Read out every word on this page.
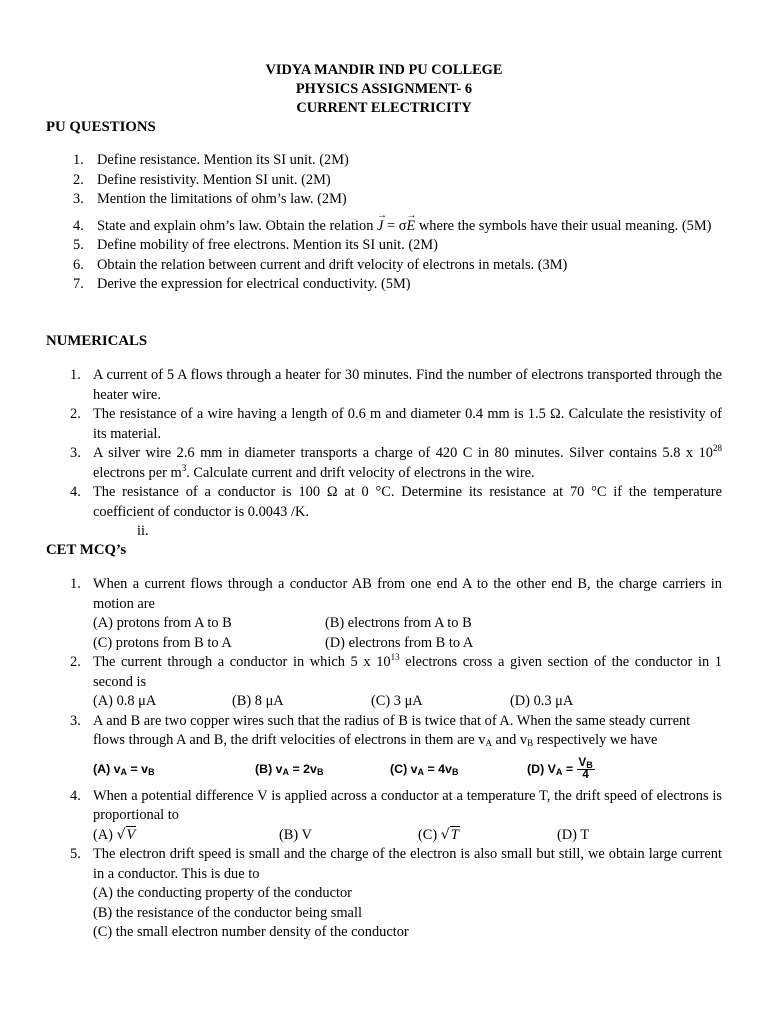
VIDYA MANDIR IND PU COLLEGE
PHYSICS ASSIGNMENT- 6
CURRENT ELECTRICITY
PU QUESTIONS
1. Define resistance. Mention its SI unit. (2M)
2. Define resistivity. Mention SI unit. (2M)
3. Mention the limitations of ohm’s law. (2M)
4. State and explain ohm’s law. Obtain the relation → J = σ→ E where the symbols have their usual meaning. (5M)
5. Define mobility of free electrons. Mention its SI unit. (2M)
6. Obtain the relation between current and drift velocity of electrons in metals. (3M)
7. Derive the expression for electrical conductivity. (5M)
NUMERICALS
1. A current of 5 A flows through a heater for 30 minutes. Find the number of electrons transported through the heater wire.
2. The resistance of a wire having a length of 0.6 m and diameter 0.4 mm is 1.5 Ω. Calculate the resistivity of its material.
3. A silver wire 2.6 mm in diameter transports a charge of 420 C in 80 minutes. Silver contains 5.8 x $10^{28}$ electrons per $m^3$. Calculate current and drift velocity of electrons in the wire.
4. The resistance of a conductor is 100 Ω at 0 °C. Determine its resistance at 70 °C if the temperature coefficient of conductor is 0.0043 /K.
ii.
CET MCQ’s
1. When a current flows through a conductor AB from one end A to the other end B, the charge carriers in motion are
(A) protons from A to B	(B) electrons from A to B
(C) protons from B to A	(D) electrons from B to A
2. The current through a conductor in which 5 x $10^{13}$ electrons cross a given section of the conductor in 1 second is
(A) 0.8 μA	(B) 8 μA	(C) 3 μA	(D) 0.3 μA
3. A and B are two copper wires such that the radius of B is twice that of A. When the same steady current flows through A and B, the drift velocities of electrons in them are $v_A$ and $v_B$ respectively we have
(A) $v_A = v_B$	(B) $v_A = 2v_B$	(C) $v_A = 4v_B$	(D) $V_A = \frac{V_B}{4}$
4. When a potential difference V is applied across a conductor at a temperature T, the drift speed of electrons is proportional to
(A) √V	(B) V	(C) √T	(D) T
5. The electron drift speed is small and the charge of the electron is also small but still, we obtain large current in a conductor. This is due to
(A) the conducting property of the conductor
(B) the resistance of the conductor being small
(C) the small electron number density of the conductor
